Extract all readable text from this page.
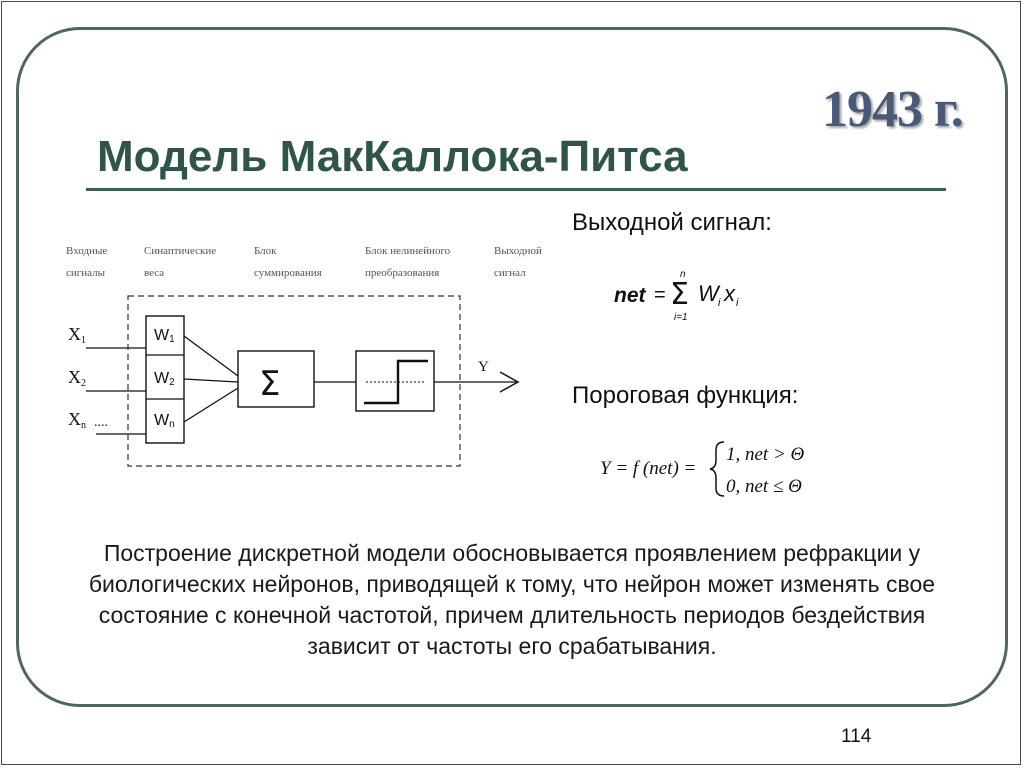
1943 г.

Модель МакКаллока-Питса

Выходной сигнал:

net =
n
Σ
i=1
W i x i

Пороговая функция:

Y = f (net) =
1, net > Θ
0, net ≤ Θ
Входные
сигналы
Синаптические
веса
Блок
суммирования
Блок нелинейного
преобразования
Выходной
сигнал
X1
X2
Xn ....
W1
W2
Wn
Σ	Y

Построение дискретной модели обосновывается проявлением рефракции у биологических нейронов, приводящей к тому, что нейрон может изменять свое состояние с конечной частотой, причем длительность периодов бездействия зависит от частоты его срабатывания.

114
